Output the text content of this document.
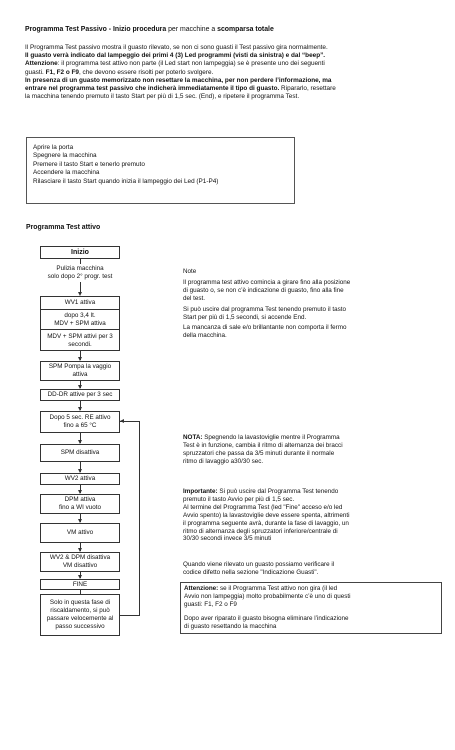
Programma Test Passivo - Inizio procedura per macchine a scomparsa totale
Il Programma Test passivo mostra il guasto rilevato, se non ci sono guasti il Test passivo gira normalmente.
Il guasto verrà indicato dal lampeggio dei primi 4 (3) Led programmi (visti da sinistra) e dal “beep”.
Attenzione: il programma test attivo non parte (il Led start non lampeggia) se è presente uno dei seguenti
guasti. F1, F2 o F9, che devono essere risolti per poterlo svolgere.
In presenza di un guasto memorizzato non resettare la macchina, per non perdere l’informazione, ma
entrare nel programma test passivo che indicherà immediatamente il tipo di guasto. Ripararlo, resettare
la macchina tenendo premuto il tasto Start per più di 1,5 sec. (End), e ripetere il programma Test.
Aprire la porta
Spegnere la macchina
Premere il tasto Start e tenerlo premuto
Accendere la macchina
Rilasciare il tasto Start quando inizia il lampeggio dei Led (P1-P4)
Programma Test attivo
Inizio
Pulizia macchina
solo dopo 2° progr. test
WV1 attiva
dopo 3,4 lt.
MDV + SPM attiva
MDV + SPM attivi per 3
secondi.
SPM Pompa la vaggio
attiva
DD-DR attive per 3 sec
Dopo 5 sec. RE attivo
fino a 65 °C
SPM disattiva
WV2 attiva
DPM attiva
fino a WI vuoto
VM attivo
WV2 & DPM disattiva
VM disattivo
FINE
Solo in questa fase di
riscaldamento, si può
passare velocemente al
passo successivo
Note
Il programma test attivo comincia a girare fino alla posizione
di guasto o, se non c’è indicazione di guasto, fino alla fine
del test.
Si può uscire dal programma Test tenendo premuto il tasto
Start per più di 1,5 secondi, si accende End.
La mancanza di sale e/o brillantante non comporta il fermo
della macchina.
NOTA: Spegnendo la lavastoviglie mentre il Programma
Test è in funzione, cambia il ritmo di alternanza dei bracci
spruzzatori che passa da 3/5 minuti durante il normale
ritmo di lavaggio a30/30 sec.
Importante: Si può uscire dal Programma Test tenendo
premuto il tasto Avvio per più di 1,5 sec.
Al termine del Programma Test (led "Fine" acceso e/o led
Avvio spento) la lavastoviglie deve essere spenta, altrimenti
il programma seguente avrà, durante la fase di lavaggio, un
ritmo di alternanza degli spruzzatori inferiore/centrale di
30/30 secondi invece 3/5 minuti
Quando viene rilevato un guasto possiamo verificare il
codice difetto nella sezione "Indicazione Guasti".
Attenzione: se il Programma Test attivo non gira (il led
Avvio non lampeggia) molto probabilmente c’è uno di questi
guasti: F1, F2 o F9
Dopo aver riparato il guasto bisogna eliminare l’indicazione
di guasto resettando la macchina
